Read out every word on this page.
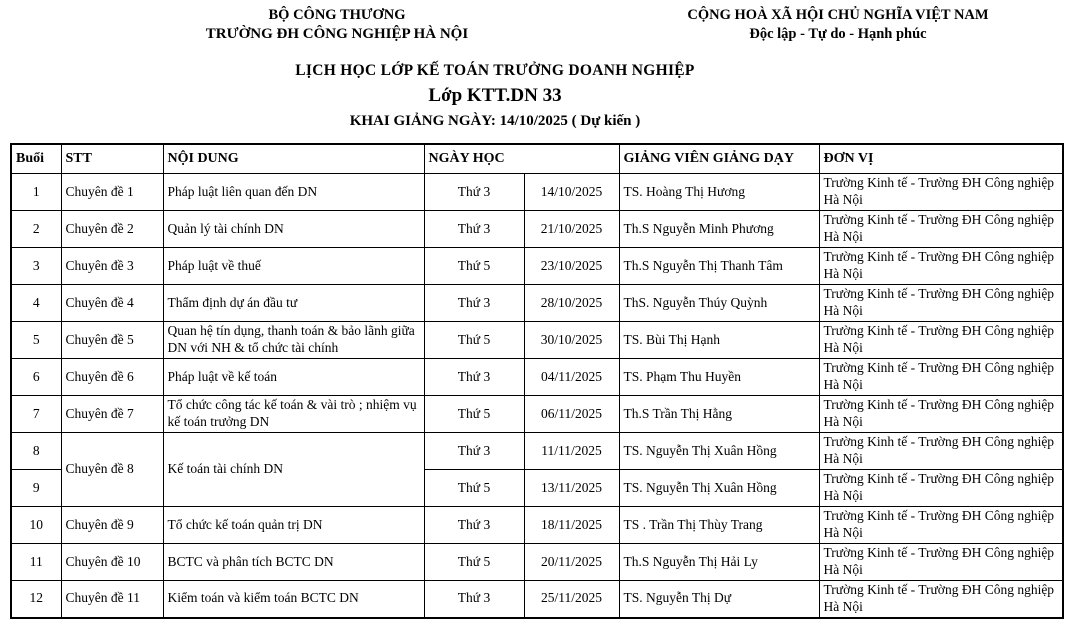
BỘ CÔNG THƯƠNG
TRƯỜNG ĐH CÔNG NGHIỆP HÀ NỘI
CỘNG HOÀ XÃ HỘI CHỦ NGHĨA VIỆT NAM
Độc lập - Tự do - Hạnh phúc
LỊCH HỌC LỚP KẾ TOÁN TRƯỞNG DOANH NGHIỆP
Lớp KTT.DN 33
KHAI GIẢNG NGÀY: 14/10/2025 ( Dự kiến )
Buổi	STT	NỘI DUNG	NGÀY HỌC		GIẢNG VIÊN GIẢNG DẠY	ĐƠN VỊ
1	Chuyên đề 1	Pháp luật liên quan đến DN	Thứ 3	14/10/2025	TS. Hoàng Thị Hương	Trường Kinh tế - Trường ĐH Công nghiệp Hà Nội
2	Chuyên đề 2	Quản lý tài chính DN	Thứ 3	21/10/2025	Th.S Nguyễn Minh Phương	Trường Kinh tế - Trường ĐH Công nghiệp Hà Nội
3	Chuyên đề 3	Pháp luật về thuế	Thứ 5	23/10/2025	Th.S Nguyễn Thị Thanh Tâm	Trường Kinh tế - Trường ĐH Công nghiệp Hà Nội
4	Chuyên đề 4	Thẩm định dự án đầu tư	Thứ 3	28/10/2025	ThS. Nguyễn Thúy Quỳnh	Trường Kinh tế - Trường ĐH Công nghiệp Hà Nội
5	Chuyên đề 5	Quan hệ tín dụng, thanh toán & bảo lãnh giữa DN với NH & tổ chức tài chính	Thứ 5	30/10/2025	TS. Bùi Thị Hạnh	Trường Kinh tế - Trường ĐH Công nghiệp Hà Nội
6	Chuyên đề 6	Pháp luật về kế toán	Thứ 3	04/11/2025	TS. Phạm Thu Huyền	Trường Kinh tế - Trường ĐH Công nghiệp Hà Nội
7	Chuyên đề 7	Tổ chức công tác kế toán & vài trò ; nhiệm vụ kế toán trưởng DN	Thứ 5	06/11/2025	Th.S Trần Thị Hằng	Trường Kinh tế - Trường ĐH Công nghiệp Hà Nội
8	Chuyên đề 8	Kế toán tài chính DN	Thứ 3	11/11/2025	TS. Nguyễn Thị Xuân Hồng	Trường Kinh tế - Trường ĐH Công nghiệp Hà Nội
9			Thứ 5	13/11/2025	TS. Nguyễn Thị Xuân Hồng	Trường Kinh tế - Trường ĐH Công nghiệp Hà Nội
10	Chuyên đề 9	Tổ chức kế toán quản trị DN	Thứ 3	18/11/2025	TS . Trần Thị Thùy Trang	Trường Kinh tế - Trường ĐH Công nghiệp Hà Nội
11	Chuyên đề 10	BCTC và phân tích BCTC DN	Thứ 5	20/11/2025	Th.S Nguyễn Thị Hải Ly	Trường Kinh tế - Trường ĐH Công nghiệp Hà Nội
12	Chuyên đề 11	Kiểm toán và kiểm toán BCTC DN	Thứ 3	25/11/2025	TS. Nguyễn Thị Dự	Trường Kinh tế - Trường ĐH Công nghiệp Hà Nội
